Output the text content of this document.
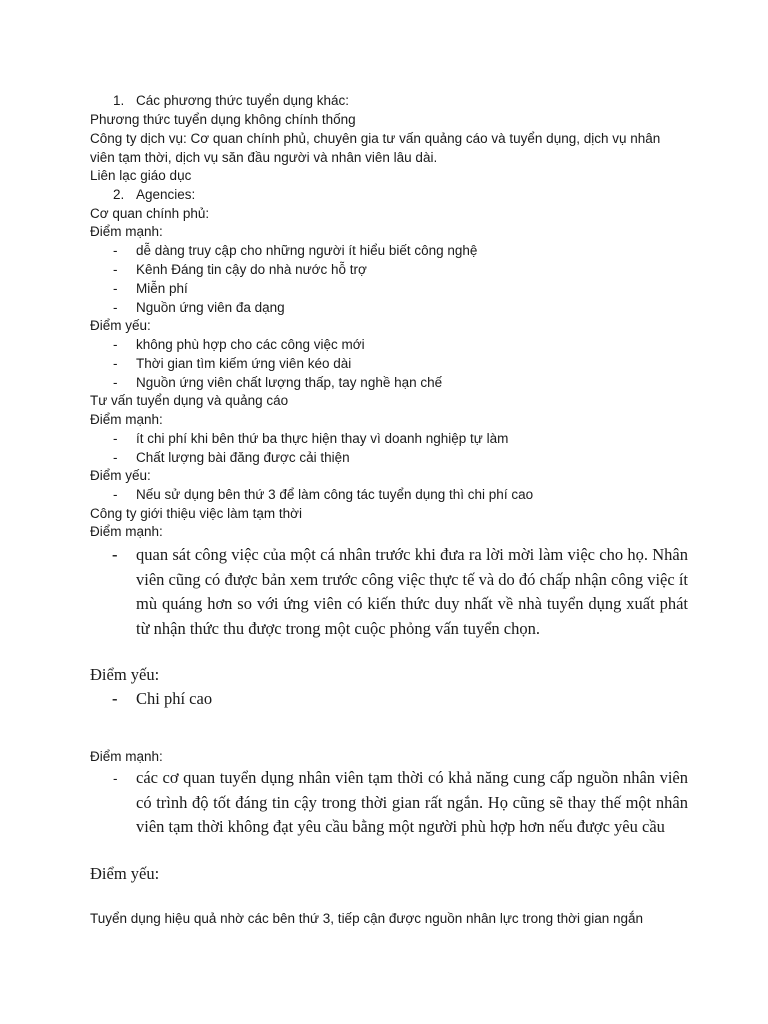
1. Các phương thức tuyển dụng khác:
Phương thức tuyển dụng không chính thống
Công ty dịch vụ: Cơ quan chính phủ, chuyên gia tư vấn quảng cáo và tuyển dụng, dịch vụ nhân
viên tạm thời, dịch vụ săn đầu người và nhân viên lâu dài.
Liên lạc giáo dục
2. Agencies:
Cơ quan chính phủ:
Điểm mạnh:
- dễ dàng truy cập cho những người ít hiểu biết công nghệ
- Kênh Đáng tin cậy do nhà nước hỗ trợ
- Miễn phí
- Nguồn ứng viên đa dạng
Điểm yếu:
- không phù hợp cho các công việc mới
- Thời gian tìm kiếm ứng viên kéo dài
- Nguồn ứng viên chất lượng thấp, tay nghề hạn chế
Tư vấn tuyển dụng và quảng cáo
Điểm mạnh:
- ít chi phí khi bên thứ ba thực hiện thay vì doanh nghiệp tự làm
- Chất lượng bài đăng được cải thiện
Điểm yếu:
- Nếu sử dụng bên thứ 3 để làm công tác tuyển dụng thì chi phí cao
Công ty giới thiệu việc làm tạm thời
Điểm mạnh:
- quan sát công việc của một cá nhân trước khi đưa ra lời mời làm việc cho họ. Nhân viên cũng có được bản xem trước công việc thực tế và do đó chấp nhận công việc ít mù quáng hơn so với ứng viên có kiến thức duy nhất về nhà tuyển dụng xuất phát từ nhận thức thu được trong một cuộc phỏng vấn tuyển chọn.
Điểm yếu:
- Chi phí cao
Điểm mạnh:
- các cơ quan tuyển dụng nhân viên tạm thời có khả năng cung cấp nguồn nhân viên có trình độ tốt đáng tin cậy trong thời gian rất ngắn. Họ cũng sẽ thay thế một nhân viên tạm thời không đạt yêu cầu bằng một người phù hợp hơn nếu được yêu cầu
Điểm yếu:
Tuyển dụng hiệu quả nhờ các bên thứ 3, tiếp cận được nguồn nhân lực trong thời gian ngắn
